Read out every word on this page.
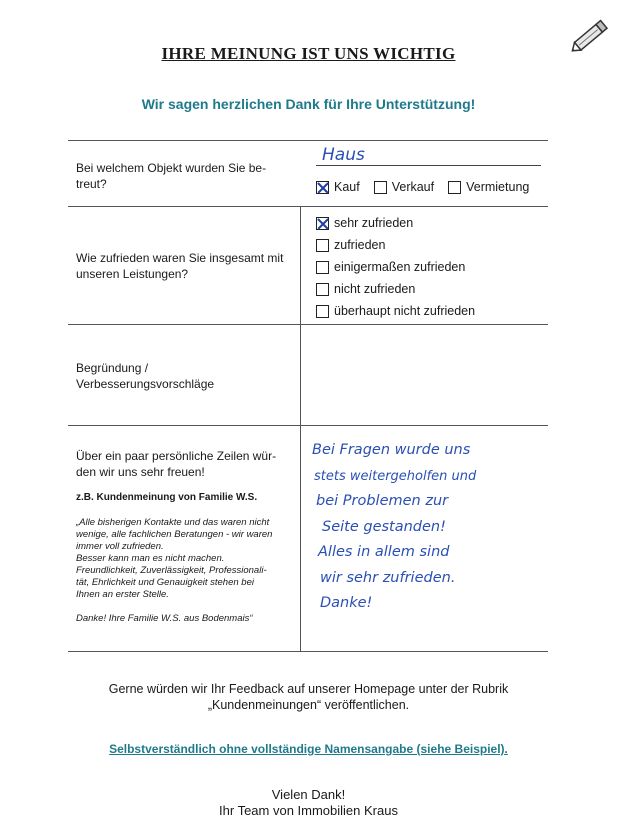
IHRE MEINUNG IST UNS WICHTIG
Wir sagen herzlichen Dank für Ihre Unterstützung!
Bei welchem Objekt wurden Sie be-
treut?
Haus
Kauf	Verkauf	Vermietung
Wie zufrieden waren Sie insgesamt mit
unseren Leistungen?
sehr zufrieden
zufrieden
einigermaßen zufrieden
nicht zufrieden
überhaupt nicht zufrieden
Begründung /
Verbesserungsvorschläge
Über ein paar persönliche Zeilen wür-
den wir uns sehr freuen!
z.B. Kundenmeinung von Familie W.S.
„Alle bisherigen Kontakte und das waren nicht
wenige, alle fachlichen Beratungen - wir waren
immer voll zufrieden.
Besser kann man es nicht machen.
Freundlichkeit, Zuverlässigkeit, Professionali-
tät, Ehrlichkeit und Genauigkeit stehen bei
Ihnen an erster Stelle.
Danke! Ihre Familie W.S. aus Bodenmais“
Bei Fragen wurde uns
stets weitergeholfen und
bei Problemen zur
Seite gestanden!
Alles in allem sind
wir sehr zufrieden.
Danke!
Gerne würden wir Ihr Feedback auf unserer Homepage unter der Rubrik
„Kundenmeinungen“ veröffentlichen.
Selbstverständlich ohne vollständige Namensangabe (siehe Beispiel).
Vielen Dank!
Ihr Team von Immobilien Kraus
